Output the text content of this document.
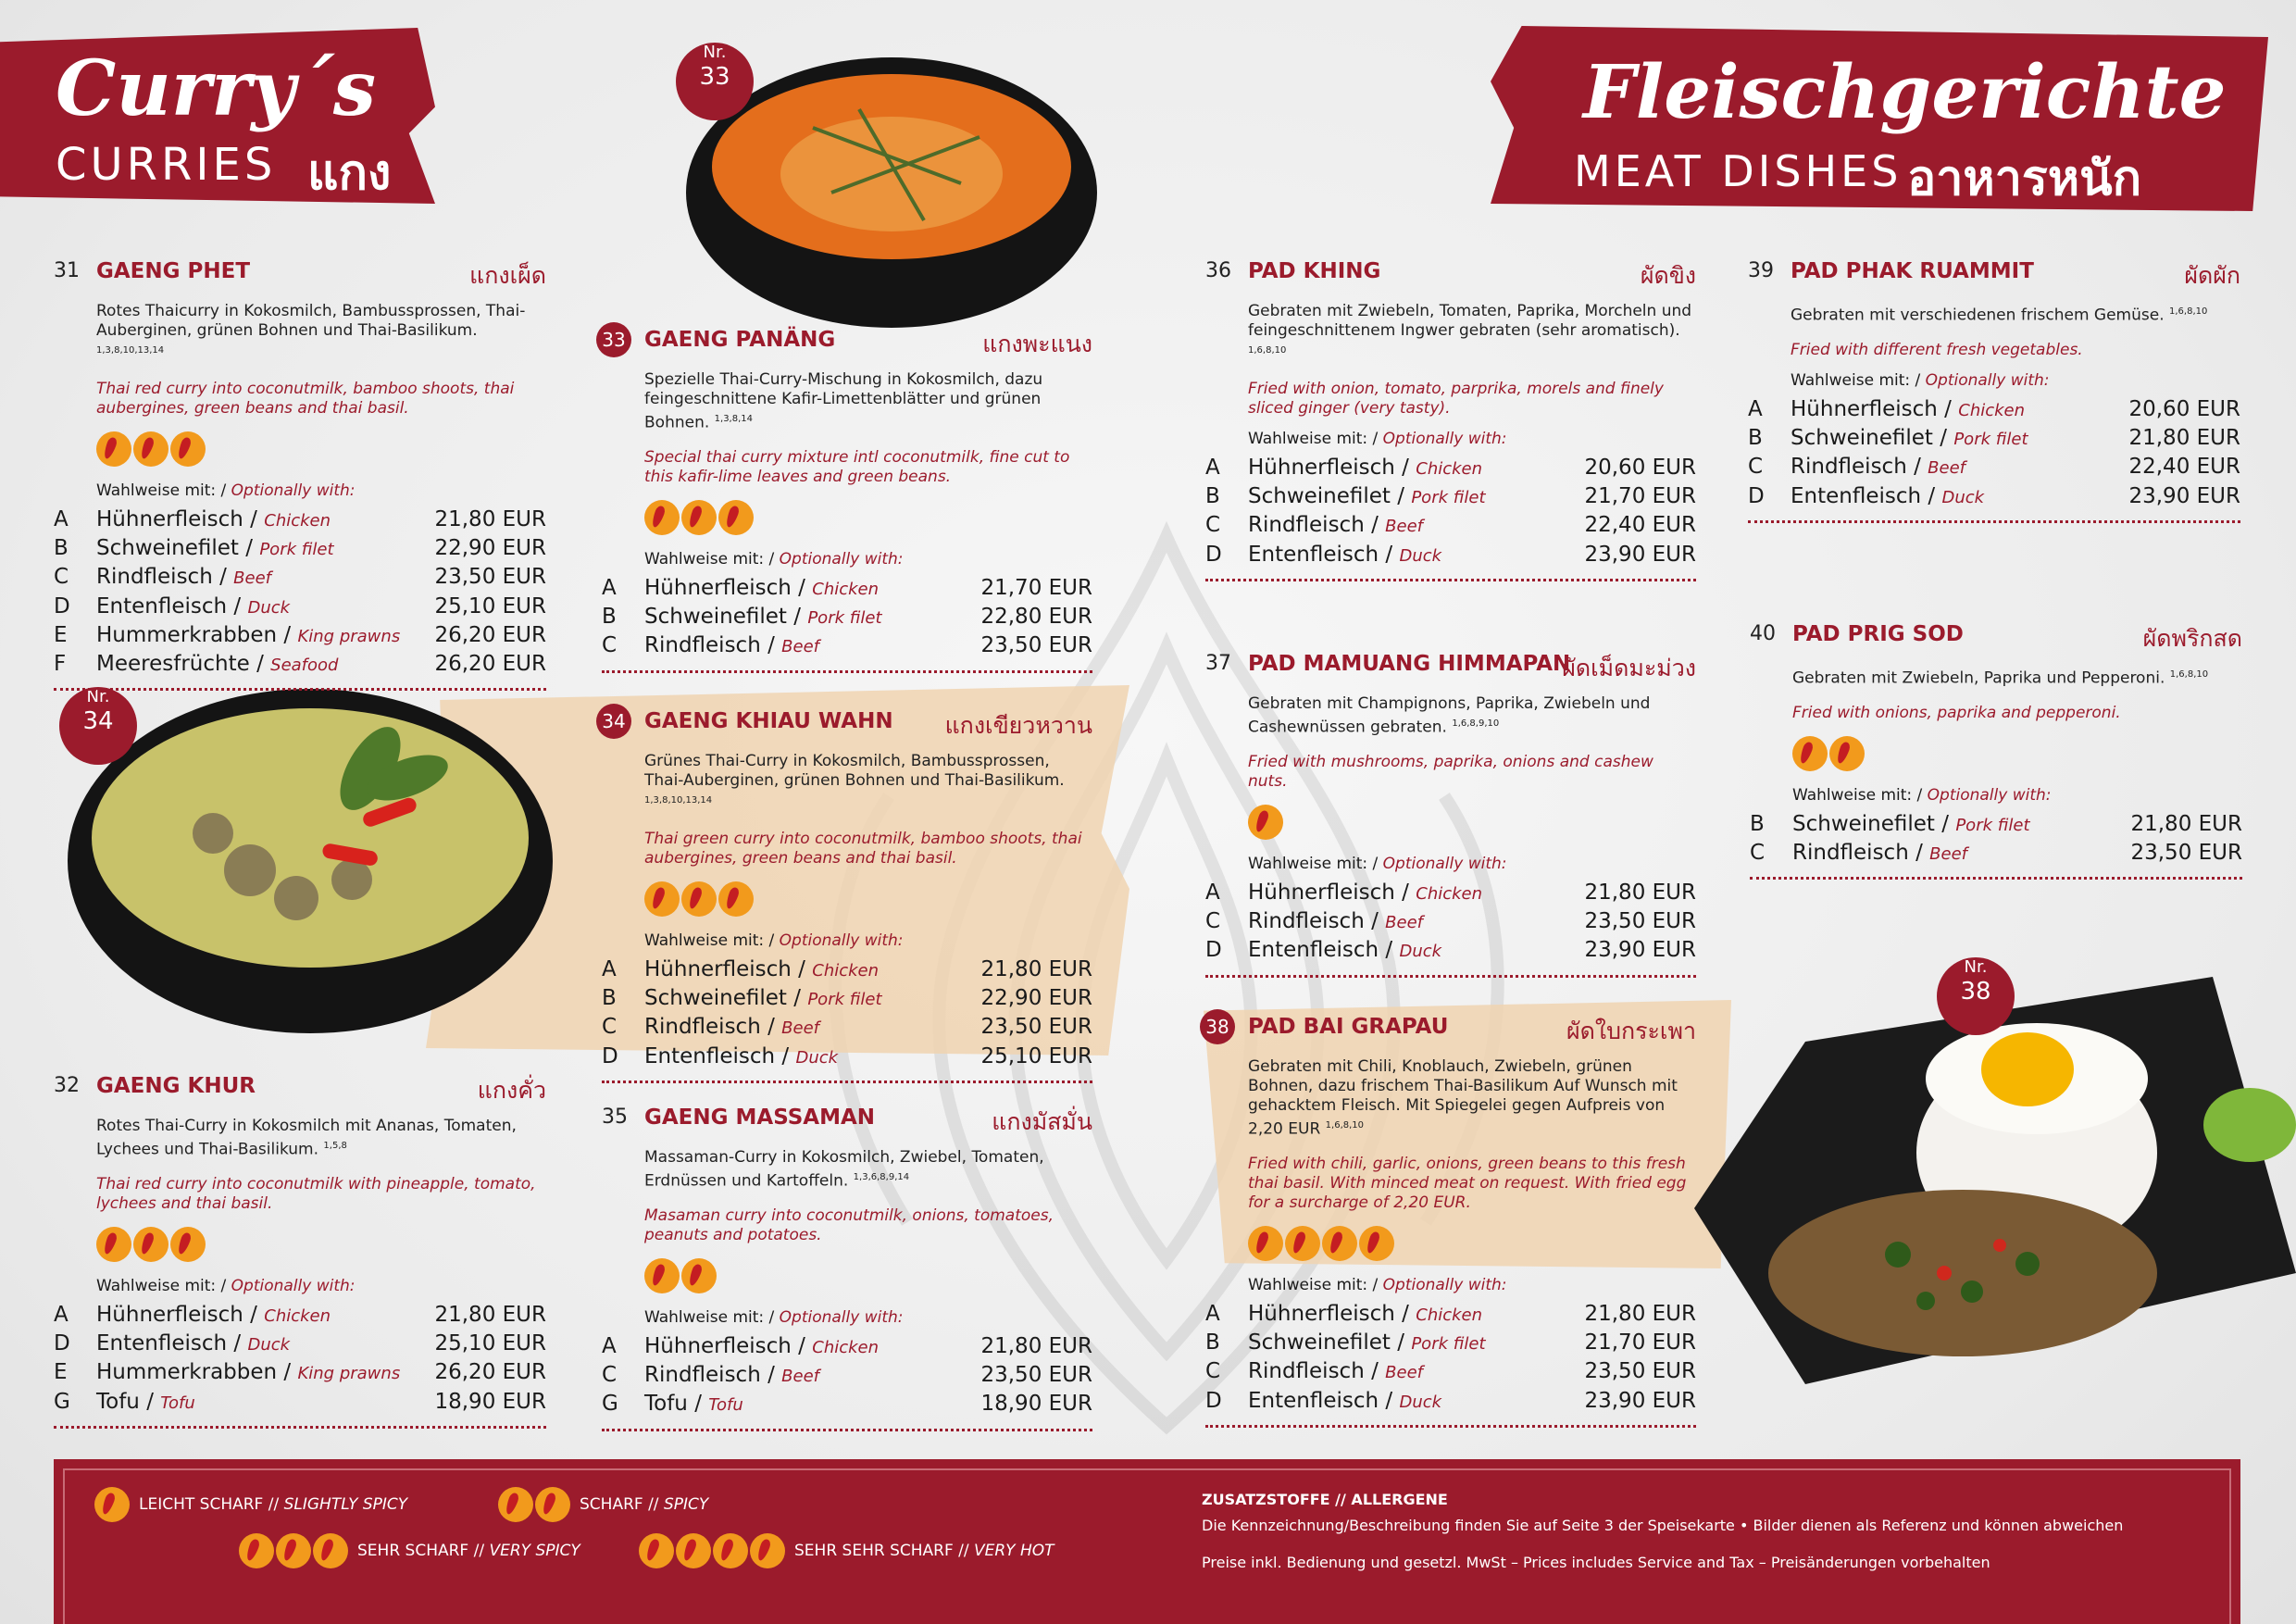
Curry´s
CURRIES แกง
Fleischgerichte
MEAT DISHES อาหารหนัก
Nr.
33
Nr.
34
Nr.
38
31 GAENG PHET	แกงเผ็ด
Rotes Thaicurry in Kokosmilch, Bambussprossen, Thai-Auberginen, grünen Bohnen und Thai-Basilikum. $^{1,3,8,10,13,14}$
Thai red curry into coconutmilk, bamboo shoots, thai aubergines, green beans and thai basil.
Wahlweise mit: / Optionally with:
A Hühnerfleisch / Chicken	21,80 EUR
B Schweinefilet / Pork filet	22,90 EUR
C Rindfleisch / Beef	23,50 EUR
D Entenfleisch / Duck	25,10 EUR
E Hummerkrabben / King prawns 26,20 EUR
F Meeresfrüchte / Seafood	26,20 EUR
32 GAENG KHUR	แกงคั่ว
Rotes Thai-Curry in Kokosmilch mit Ananas, Tomaten, Lychees und Thai-Basilikum. $^{1,5,8}$
Thai red curry into coconutmilk with pineapple, tomato, lychees and thai basil.
Wahlweise mit: / Optionally with:
A Hühnerfleisch / Chicken	21,80 EUR
D Entenfleisch / Duck	25,10 EUR
E Hummerkrabben / King prawns 26,20 EUR
G Tofu / Tofu	18,90 EUR
33 GAENG PANÄNG	แกงพะแนง
Spezielle Thai-Curry-Mischung in Kokosmilch, dazu feingeschnittene Kafir-Limettenblätter und grünen Bohnen. $^{1,3,8,14}$
Special thai curry mixture intl coconutmilk, fine cut to this kafir-lime leaves and green beans.
Wahlweise mit: / Optionally with:
A Hühnerfleisch / Chicken	21,70 EUR
B Schweinefilet / Pork filet	22,80 EUR
C Rindfleisch / Beef	23,50 EUR
34 GAENG KHIAU WAHN แกงเขียวหวาน
Grünes Thai-Curry in Kokosmilch, Bambussprossen, Thai-Auberginen, grünen Bohnen und Thai-Basilikum. $^{1,3,8,10,13,14}$
Thai green curry into coconutmilk, bamboo shoots, thai aubergines, green beans and thai basil.
Wahlweise mit: / Optionally with:
A Hühnerfleisch / Chicken	21,80 EUR
B Schweinefilet / Pork filet	22,90 EUR
C Rindfleisch / Beef	23,50 EUR
D Entenfleisch / Duck	25,10 EUR
35 GAENG MASSAMAN	แกงมัสมั่น
Massaman-Curry in Kokosmilch, Zwiebel, Tomaten, Erdnüssen und Kartoffeln. $^{1,3,6,8,9,14}$
Masaman curry into coconutmilk, onions, tomatoes, peanuts and potatoes.
Wahlweise mit: / Optionally with:
A Hühnerfleisch / Chicken	21,80 EUR
C Rindfleisch / Beef	23,50 EUR
G Tofu / Tofu	18,90 EUR
36 PAD KHING	ผัดขิง
Gebraten mit Zwiebeln, Tomaten, Paprika, Morcheln und feingeschnittenem Ingwer gebraten (sehr aromatisch). $^{1,6,8,10}$
Fried with onion, tomato, parprika, morels and finely sliced ginger (very tasty).
Wahlweise mit: / Optionally with:
A Hühnerfleisch / Chicken	20,60 EUR
B Schweinefilet / Pork filet	21,70 EUR
C Rindfleisch / Beef	22,40 EUR
D Entenfleisch / Duck	23,90 EUR
37 PAD MAMUANG HIMMAPAN
ผัดเม็ดมะม่วง
Gebraten mit Champignons, Paprika, Zwiebeln und Cashewnüssen gebraten. $^{1,6,8,9,10}$
Fried with mushrooms, paprika, onions and cashew nuts.
Wahlweise mit: / Optionally with:
A Hühnerfleisch / Chicken	21,80 EUR
C Rindfleisch / Beef	23,50 EUR
D Entenfleisch / Duck	23,90 EUR
38 PAD BAI GRAPAU	ผัดใบกระเพา
Gebraten mit Chili, Knoblauch, Zwiebeln, grünen Bohnen, dazu frischem Thai-Basilikum Auf Wunsch mit gehacktem Fleisch. Mit Spiegelei gegen Aufpreis von 2,20 EUR $^{1,6,8,10}$
Fried with chili, garlic, onions, green beans to this fresh thai basil. With minced meat on request. With fried egg for a surcharge of 2,20 EUR.
Wahlweise mit: / Optionally with:
A Hühnerfleisch / Chicken	21,80 EUR
B Schweinefilet / Pork filet	21,70 EUR
C Rindfleisch / Beef	23,50 EUR
D Entenfleisch / Duck	23,90 EUR
39 PAD PHAK RUAMMIT	ผัดผัก
Gebraten mit verschiedenen frischem Gemüse. $^{1,6,8,10}$
Fried with different fresh vegetables.
Wahlweise mit: / Optionally with:
A Hühnerfleisch / Chicken	20,60 EUR
B Schweinefilet / Pork filet	21,80 EUR
C Rindfleisch / Beef	22,40 EUR
D Entenfleisch / Duck	23,90 EUR
40 PAD PRIG SOD	ผัดพริกสด
Gebraten mit Zwiebeln, Paprika und Pepperoni. $^{1,6,8,10}$
Fried with onions, paprika and pepperoni.
Wahlweise mit: / Optionally with:
B Schweinefilet / Pork filet	21,80 EUR
C Rindfleisch / Beef	23,50 EUR
LEICHT SCHARF //
SLIGHTLY SPICY	SCHARF //
SPICY
SEHR SCHARF //
VERY SPICY	SEHR SEHR SCHARF //
VERY HOT
ZUSATZSTOFFE // ALLERGENE
Die Kennzeichnung/Beschreibung finden Sie auf Seite 3 der Speisekarte • Bilder dienen als Referenz und können abweichen
Preise inkl. Bedienung und gesetzl. MwSt – Prices includes Service and Tax – Preisänderungen vorbehalten
